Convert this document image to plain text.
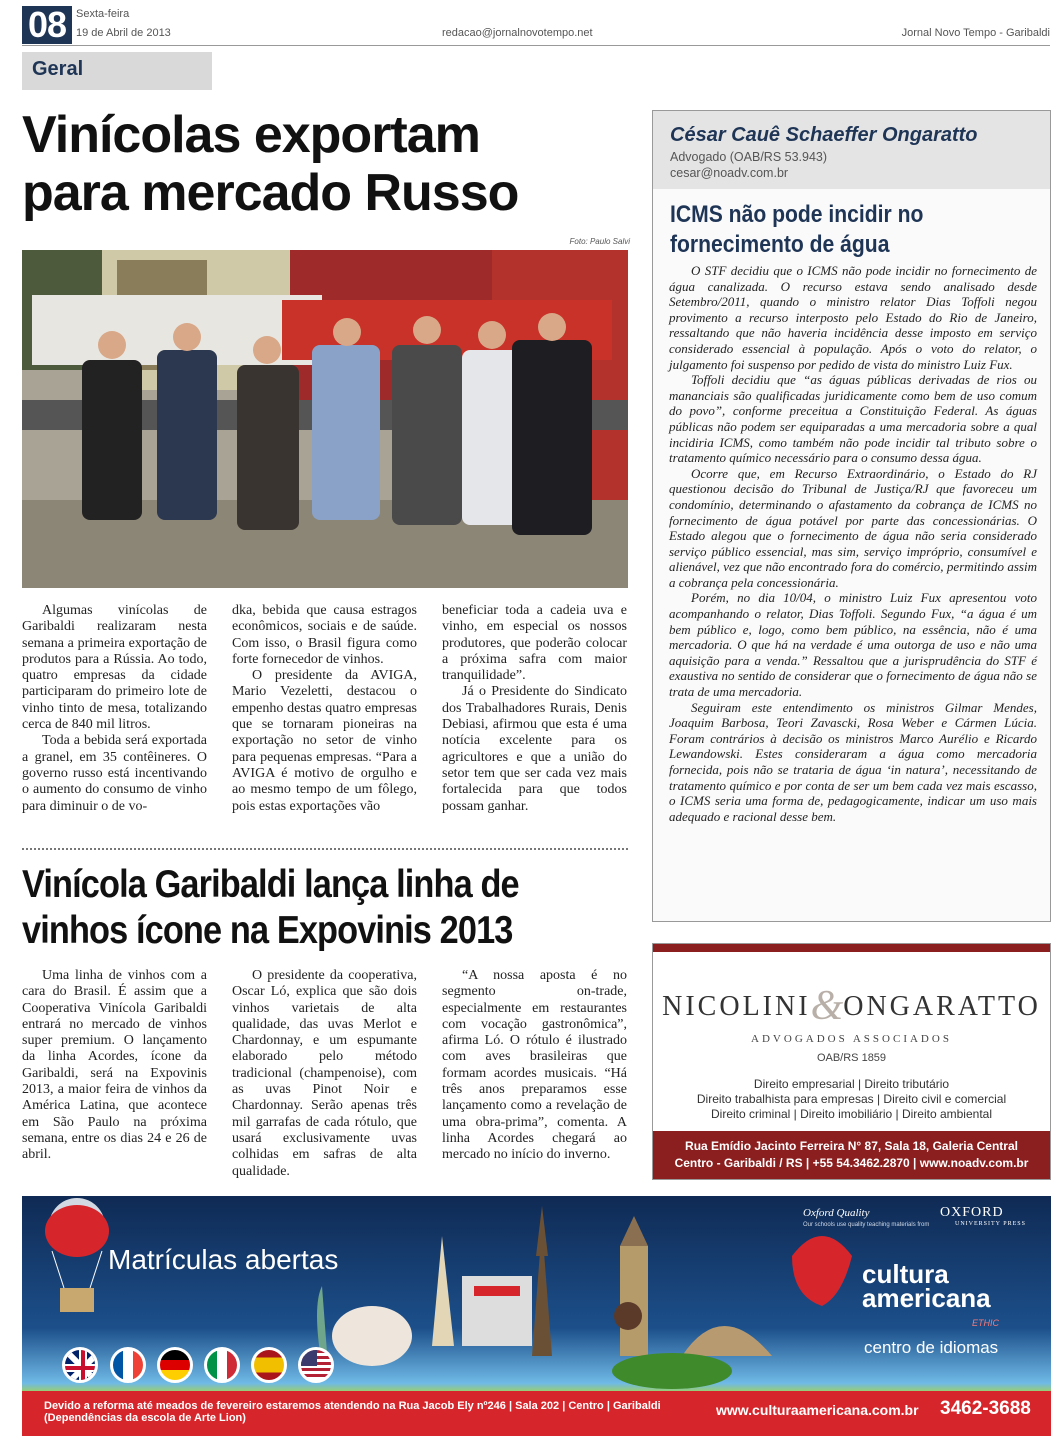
08 Sexta-feira
19 de Abril de 2013	redacao@jornalnovotempo.net	Jornal Novo Tempo - Garibaldi
Geral
Vinícolas exportam
para mercado Russo
Foto: Paulo Salvi

Algumas vinícolas de Garibaldi realizaram nesta semana a primeira exportação de produtos para a Rússia. Ao todo, quatro empresas da cidade participaram do primeiro lote de vinho tinto de mesa, totalizando cerca de 840 mil litros.

Toda a bebida será exportada a granel, em 35 contêineres. O governo russo está incentivando o aumento do consumo de vinho para diminuir o de vo-

dka, bebida que causa estragos econômicos, sociais e de saúde. Com isso, o Brasil figura como forte fornecedor de vinhos.

O presidente da AVIGA, Mario Vezeletti, destacou o empenho destas quatro empresas que se tornaram pioneiras na exportação no setor de vinho para pequenas empresas. “Para a AVIGA é motivo de orgulho e ao mesmo tempo de um fôlego, pois estas exportações vão

beneficiar toda a cadeia uva e vinho, em especial os nossos produtores, que poderão colocar a próxima safra com maior tranquilidade”.

Já o Presidente do Sindicato dos Trabalhadores Rurais, Denis Debiasi, afirmou que esta é uma notícia excelente para os agricultores e que a união do setor tem que ser cada vez mais fortalecida para que todos possam ganhar.

Vinícola Garibaldi lança linha de
vinhos ícone na Expovinis 2013

Uma linha de vinhos com a cara do Brasil. É assim que a Cooperativa Vinícola Garibaldi entrará no mercado de vinhos super premium. O lançamento da linha Acordes, ícone da Garibaldi, será na Expovinis 2013, a maior feira de vinhos da América Latina, que acontece em São Paulo na próxima semana, entre os dias 24 e 26 de abril.

O presidente da cooperativa, Oscar Ló, explica que são dois vinhos varietais de alta qualidade, das uvas Merlot e Chardonnay, e um espumante elaborado pelo método tradicional (champenoise), com as uvas Pinot Noir e Chardonnay. Serão apenas três mil garrafas de cada rótulo, que usará exclusivamente uvas colhidas em safras de alta qualidade.

“A nossa aposta é no segmento on-trade, especialmente em restaurantes com vocação gastronômica”, afirma Ló. O rótulo é ilustrado com aves brasileiras que formam acordes musicais. “Há três anos preparamos esse lançamento como a revelação de uma obra-prima”, comenta. A linha Acordes chegará ao mercado no início do inverno.

César Cauê Schaeffer Ongaratto
Advogado (OAB/RS 53.943)
cesar@noadv.com.br
ICMS não pode incidir no
fornecimento de água

O STF decidiu que o ICMS não pode incidir no fornecimento de água canalizada. O recurso estava sendo analisado desde Setembro/2011, quando o ministro relator Dias Toffoli negou provimento a recurso interposto pelo Estado do Rio de Janeiro, ressaltando que não haveria incidência desse imposto em serviço considerado essencial à população. Após o voto do relator, o julgamento foi suspenso por pedido de vista do ministro Luiz Fux.

Toffoli decidiu que “as águas públicas derivadas de rios ou mananciais são qualificadas juridicamente como bem de uso comum do povo”, conforme preceitua a Constituição Federal. As águas públicas não podem ser equiparadas a uma mercadoria sobre a qual incidiria ICMS, como também não pode incidir tal tributo sobre o tratamento químico necessário para o consumo dessa água.

Ocorre que, em Recurso Extraordinário, o Estado do RJ questionou decisão do Tribunal de Justiça/RJ que favoreceu um condomínio, determinando o afastamento da cobrança de ICMS no fornecimento de água potável por parte das concessionárias. O Estado alegou que o fornecimento de água não seria considerado serviço público essencial, mas sim, serviço impróprio, consumível e alienável, vez que não encontrado fora do comércio, permitindo assim a cobrança pela concessionária.

Porém, no dia 10/04, o ministro Luiz Fux apresentou voto acompanhando o relator, Dias Toffoli. Segundo Fux, “a água é um bem público e, logo, como bem público, na essência, não é uma mercadoria. O que há na verdade é uma outorga de uso e não uma aquisição para a venda.” Ressaltou que a jurisprudência do STF é exaustiva no sentido de considerar que o fornecimento de água não se trata de uma mercadoria.

Seguiram este entendimento os ministros Gilmar Mendes, Joaquim Barbosa, Teori Zavascki, Rosa Weber e Cármen Lúcia. Foram contrários à decisão os ministros Marco Aurélio e Ricardo Lewandowski. Estes consideraram a água como mercadoria fornecida, pois não se trataria de água ‘in natura’, necessitando de tratamento químico e por conta de ser um bem cada vez mais escasso, o ICMS seria uma forma de, pedagogicamente, indicar um uso mais adequado e racional desse bem.

NICOLINI&ONGARATTO
ADVOGADOS ASSOCIADOS
OAB/RS 1859
Direito empresarial | Direito tributário
Direito trabalhista para empresas | Direito civil e comercial
Direito criminal | Direito imobiliário | Direito ambiental
Rua Emídio Jacinto Ferreira N° 87, Sala 18, Galeria Central
Centro - Garibaldi / RS | +55 54.3462.2870 | www.noadv.com.br
Matrículas abertas
Oxford Quality
Our schools use quality teaching materials from
OXFORD
UNIVERSITY PRESS
cultura
americana
ETHIC
centro de idiomas
Devido a reforma até meados de fevereiro estaremos atendendo na Rua Jacob Ely nº246 | Sala 202 | Centro | Garibaldi
(Dependências da escola de Arte Lion)	www.culturaamericana.com.br 3462-3688
